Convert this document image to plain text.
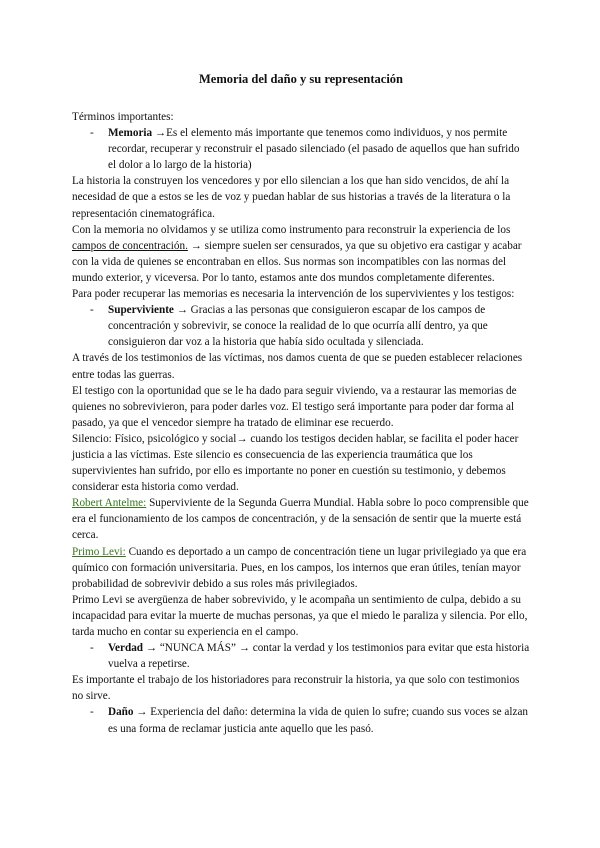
Memoria del daño y su representación

Términos importantes:

- Memoria →Es el elemento más importante que tenemos como individuos, y nos permite recordar, recuperar y reconstruir el pasado silenciado (el pasado de aquellos que han sufrido el dolor a lo largo de la historia)

La historia la construyen los vencedores y por ello silencian a los que han sido vencidos, de ahí la necesidad de que a estos se les de voz y puedan hablar de sus historias a través de la literatura o la representación cinematográfica.

Con la memoria no olvidamos y se utiliza como instrumento para reconstruir la experiencia de los campos de concentración. → siempre suelen ser censurados, ya que su objetivo era castigar y acabar con la vida de quienes se encontraban en ellos. Sus normas son incompatibles con las normas del mundo exterior, y viceversa. Por lo tanto, estamos ante dos mundos completamente diferentes.

Para poder recuperar las memorias es necesaria la intervención de los supervivientes y los testigos:

- Superviviente → Gracias a las personas que consiguieron escapar de los campos de concentración y sobrevivir, se conoce la realidad de lo que ocurría allí dentro, ya que consiguieron dar voz a la historia que había sido ocultada y silenciada.

A través de los testimonios de las víctimas, nos damos cuenta de que se pueden establecer relaciones entre todas las guerras.

El testigo con la oportunidad que se le ha dado para seguir viviendo, va a restaurar las memorias de quienes no sobrevivieron, para poder darles voz. El testigo será importante para poder dar forma al pasado, ya que el vencedor siempre ha tratado de eliminar ese recuerdo.

Silencio: Físico, psicológico y social→ cuando los testigos deciden hablar, se facilita el poder hacer justicia a las víctimas. Este silencio es consecuencia de las experiencia traumática que los supervivientes han sufrido, por ello es importante no poner en cuestión su testimonio, y debemos considerar esta historia como verdad.

Robert Antelme: Superviviente de la Segunda Guerra Mundial. Habla sobre lo poco comprensible que era el funcionamiento de los campos de concentración, y de la sensación de sentir que la muerte está cerca.

Primo Levi: Cuando es deportado a un campo de concentración tiene un lugar privilegiado ya que era químico con formación universitaria. Pues, en los campos, los internos que eran útiles, tenían mayor probabilidad de sobrevivir debido a sus roles más privilegiados.

Primo Levi se avergüenza de haber sobrevivido, y le acompaña un sentimiento de culpa, debido a su incapacidad para evitar la muerte de muchas personas, ya que el miedo le paraliza y silencia. Por ello, tarda mucho en contar su experiencia en el campo.

- Verdad → “NUNCA MÁS” → contar la verdad y los testimonios para evitar que esta historia vuelva a repetirse.

Es importante el trabajo de los historiadores para reconstruir la historia, ya que solo con testimonios no sirve.

- Daño → Experiencia del daño: determina la vida de quien lo sufre; cuando sus voces se alzan es una forma de reclamar justicia ante aquello que les pasó.
